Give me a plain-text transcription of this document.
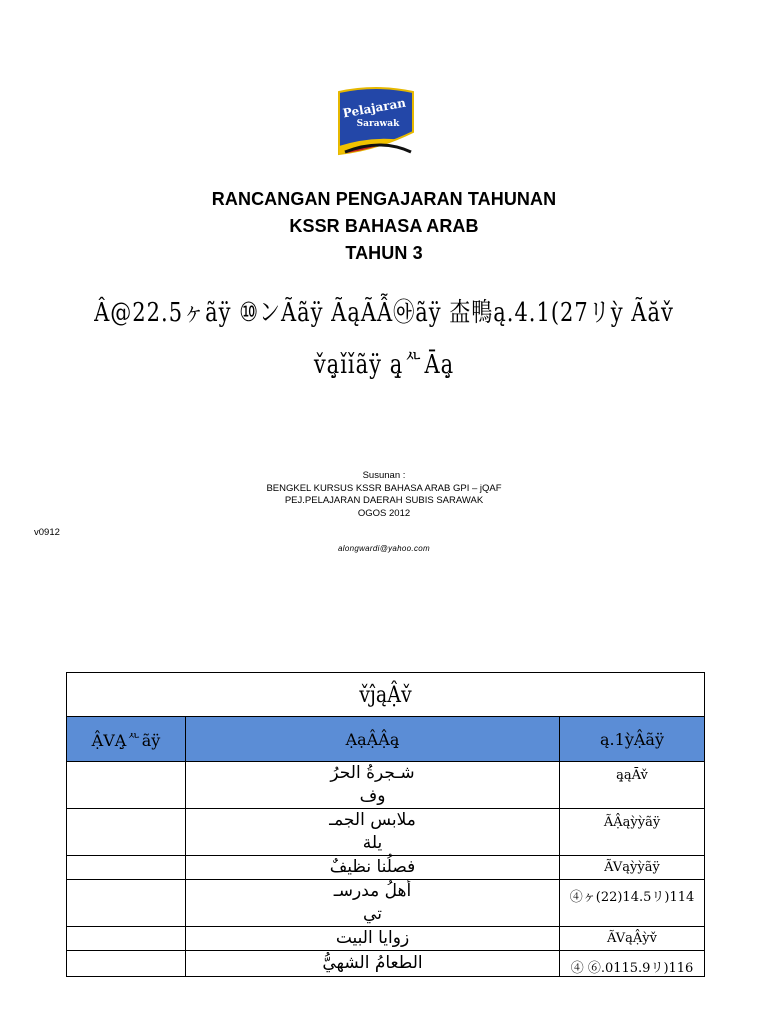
Pelajaran
Sarawak
RANCANGAN PENGAJARAN TAHUNAN
KSSR BAHASA ARAB
TAHUN 3
Â@22.5ヶãÿ ⑩ンÃãÿ ÃąÃẪ㉵ãÿ 㭗鴨ą.4.1(27リỳ Ãăv̌
v̌ạ̧ǐǐãÿ ą̧ᄮĀạ̧
Susunan :
BENGKEL KURSUS KSSR BAHASA ARAB GPI – jQAF
PEJ.PELAJARAN DAERAH SUBIS SARAWAK
OGOS 2012
v0912
alongwardi@yahoo.com
v̌ĵąẬv̌		
ẬVẠ̧ᄮãÿ	ẠạẬẬą̧	ą.1ỳẬãÿ

	شـجرةُ الحرُ
وف	ą̧ąĀv̌

	ملابس الجمـ
يلة	ÃẬąỳỳãÿ

	فصلُنا نظيفٌ	ÃVąỳỳãÿ

	أهلُ مدرسـ
تي	④ヶ(22)14.5リ)114

	زوايا البيت	ÃVąẬỳv̌

	الطعامُ الشهيُّ	④ ⑥.0115.9リ)116
